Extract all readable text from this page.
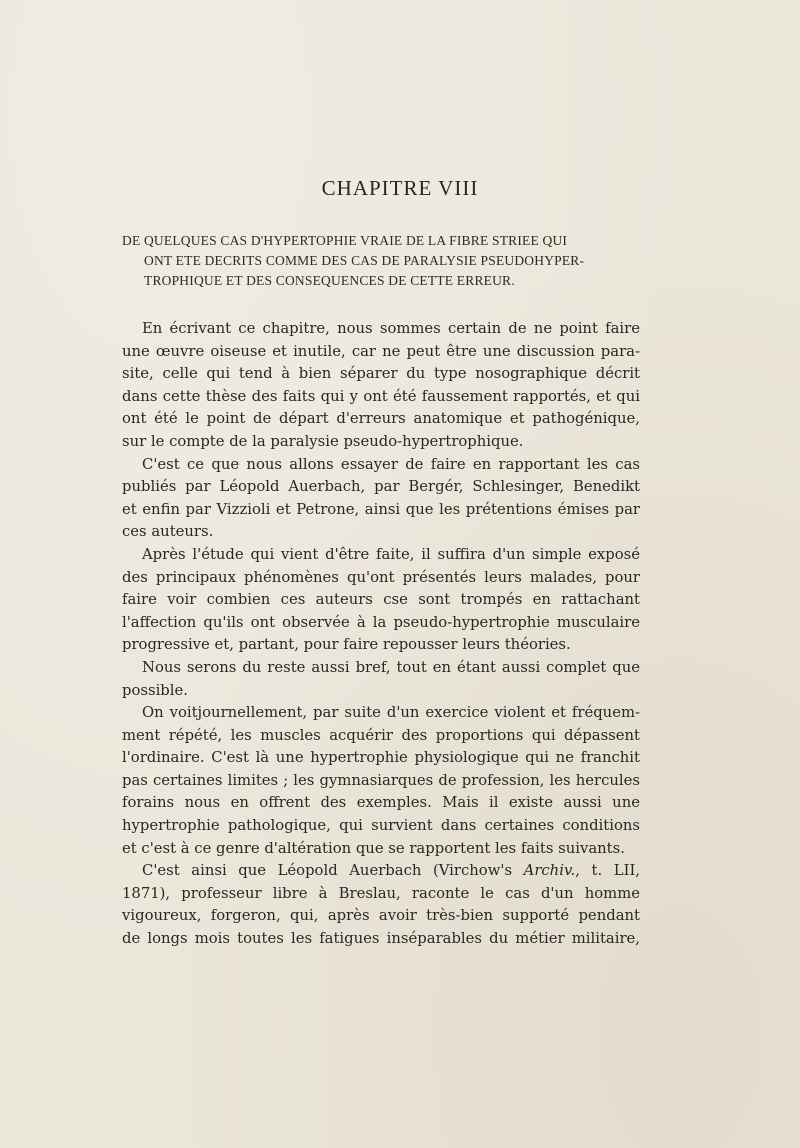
CHAPITRE VIII
DE QUELQUES CAS D'HYPERTOPHIE VRAIE DE LA FIBRE STRIEE QUI
ONT ETE DECRITS COMME DES CAS DE PARALYSIE PSEUDOHYPER-
TROPHIQUE ET DES CONSEQUENCES DE CETTE ERREUR.
En écrivant ce chapitre, nous sommes certain de ne point faire
une œuvre oiseuse et inutile, car ne peut être une discussion para-
site, celle qui tend à bien séparer du type nosographique décrit
dans cette thèse des faits qui y ont été faussement rapportés, et qui
ont été le point de départ d'erreurs anatomique et pathogénique,
sur le compte de la paralysie pseudo-hypertrophique.
C'est ce que nous allons essayer de faire en rapportant les cas
publiés par Léopold Auerbach, par Bergér, Schlesinger, Benedikt
et enfin par Vizzioli et Petrone, ainsi que les prétentions émises par
ces auteurs.
Après l'étude qui vient d'être faite, il suffira d'un simple exposé
des principaux phénomènes qu'ont présentés leurs malades, pour
faire voir combien ces auteurs cse sont trompés en rattachant
l'affection qu'ils ont observée à la pseudo-hypertrophie musculaire
progressive et, partant, pour faire repousser leurs théories.
Nous serons du reste aussi bref, tout en étant aussi complet que
possible.
On voitjournellement, par suite d'un exercice violent et fréquem-
ment répété, les muscles acquérir des proportions qui dépassent
l'ordinaire. C'est là une hypertrophie physiologique qui ne franchit
pas certaines limites ; les gymnasiarques de profession, les hercules
forains nous en offrent des exemples. Mais il existe aussi une
hypertrophie pathologique, qui survient dans certaines conditions
et c'est à ce genre d'altération que se rapportent les faits suivants.
C'est ainsi que Léopold Auerbach (Virchow's Archiv., t. LII,
1871), professeur libre à Breslau, raconte le cas d'un homme
vigoureux, forgeron, qui, après avoir très-bien supporté pendant
de longs mois toutes les fatigues inséparables du métier militaire,
